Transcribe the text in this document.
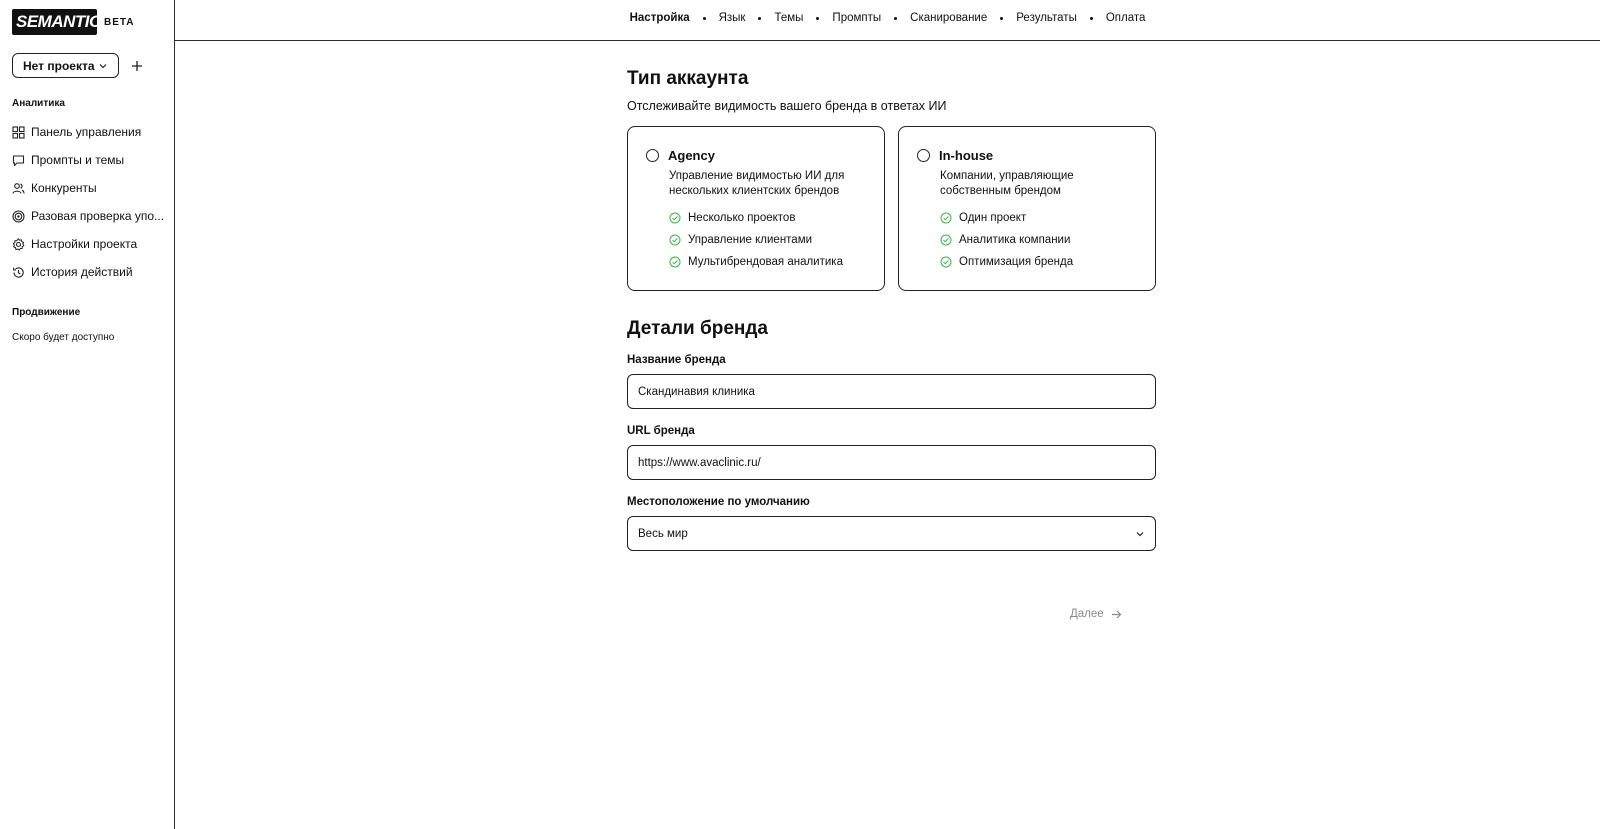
SEMANTICA
BETA
Нет проекта
Аналитика
Панель управления
Промпты и темы
Конкуренты
Разовая проверка упо...
Настройки проекта
История действий
Продвижение
Скоро будет доступно
Настройка	Язык	Темы	Промпты	Сканирование	Результаты	Оплата
Тип аккаунта
Отслеживайте видимость вашего бренда в ответах ИИ
Agency
Управление видимостью ИИ для нескольких клиентских брендов
Несколько проектов
Управление клиентами
Мультибрендовая аналитика
In-house
Компании, управляющие собственным брендом
Один проект
Аналитика компании
Оптимизация бренда
Детали бренда
Название бренда
Скандинавия клиника
URL бренда
https://www.avaclinic.ru/
Местоположение по умолчанию
Весь мир
Далее
